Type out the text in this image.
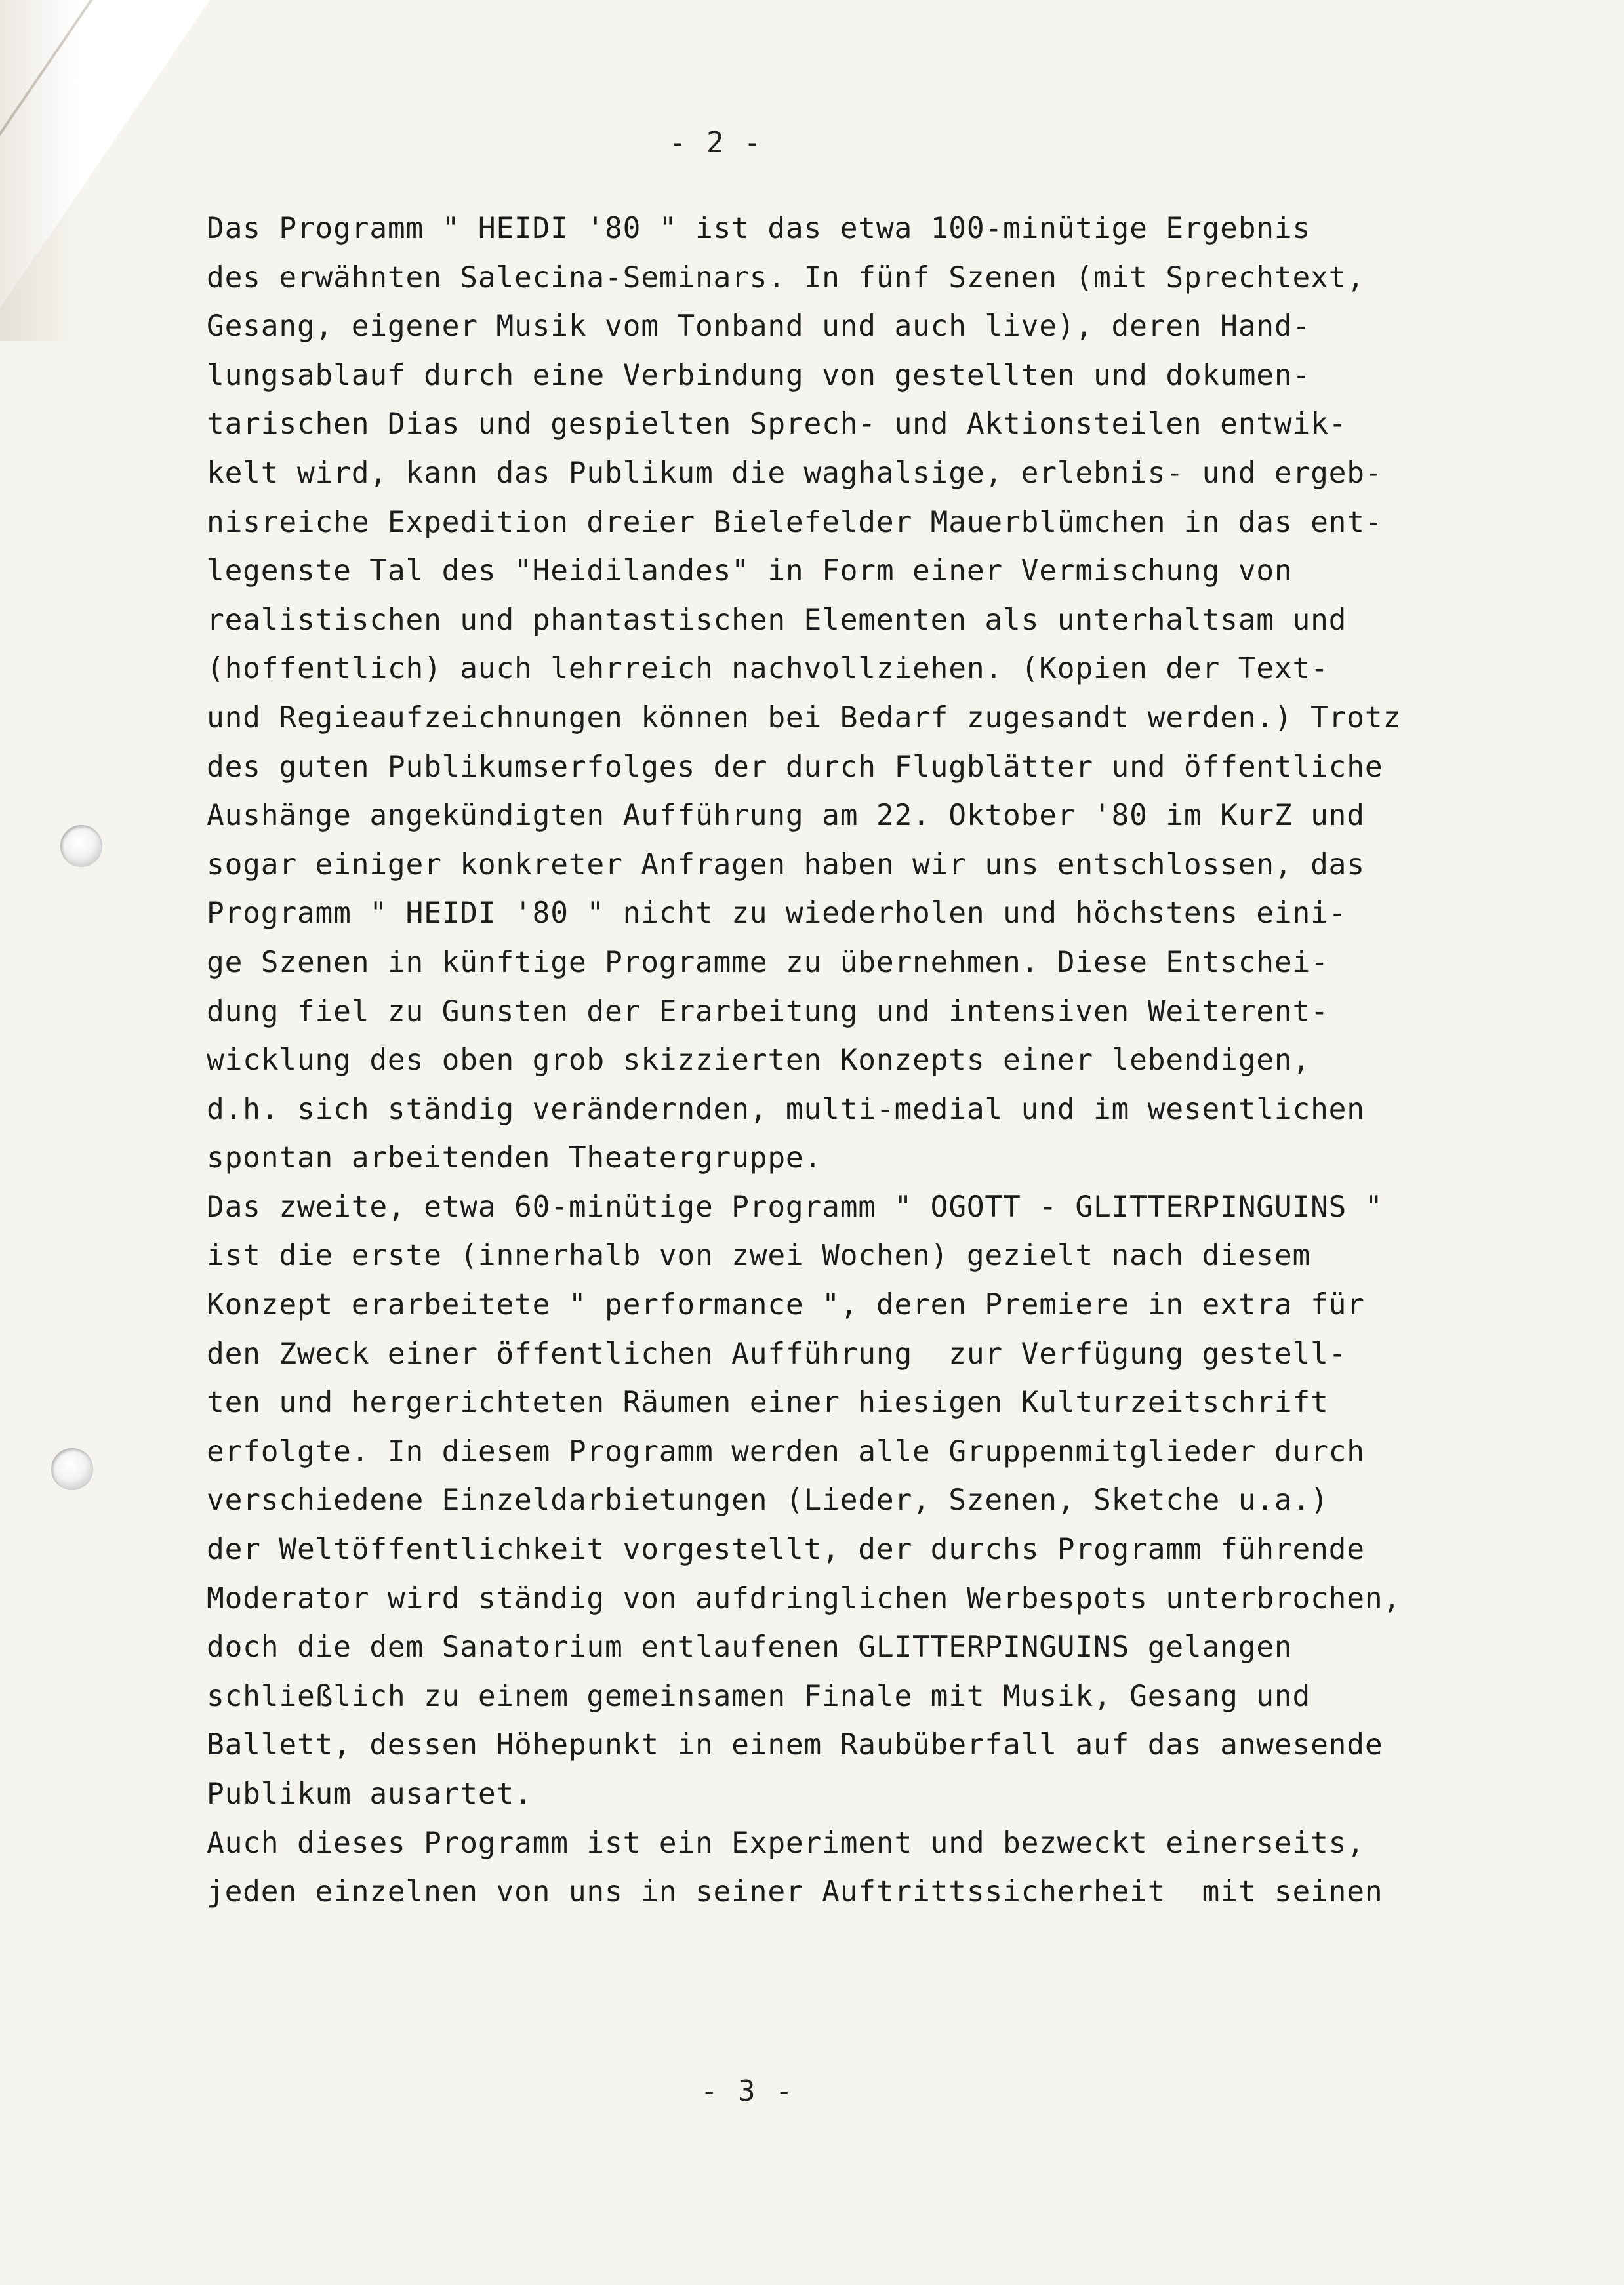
- 2 -
Das Programm " HEIDI '80 " ist das etwa 100-minütige Ergebnis
des erwähnten Salecina-Seminars. In fünf Szenen (mit Sprechtext,
Gesang, eigener Musik vom Tonband und auch live), deren Hand-
lungsablauf durch eine Verbindung von gestellten und dokumen-
tarischen Dias und gespielten Sprech- und Aktionsteilen entwik-
kelt wird, kann das Publikum die waghalsige, erlebnis- und ergeb-
nisreiche Expedition dreier Bielefelder Mauerblümchen in das ent-
legenste Tal des "Heidilandes" in Form einer Vermischung von
realistischen und phantastischen Elementen als unterhaltsam und
(hoffentlich) auch lehrreich nachvollziehen. (Kopien der Text-
und Regieaufzeichnungen können bei Bedarf zugesandt werden.) Trotz
des guten Publikumserfolges der durch Flugblätter und öffentliche
Aushänge angekündigten Aufführung am 22. Oktober '80 im KurZ und
sogar einiger konkreter Anfragen haben wir uns entschlossen, das
Programm " HEIDI '80 " nicht zu wiederholen und höchstens eini-
ge Szenen in künftige Programme zu übernehmen. Diese Entschei-
dung fiel zu Gunsten der Erarbeitung und intensiven Weiterent-
wicklung des oben grob skizzierten Konzepts einer lebendigen,
d.h. sich ständig verändernden, multi-medial und im wesentlichen
spontan arbeitenden Theatergruppe.
Das zweite, etwa 60-minütige Programm " OGOTT - GLITTERPINGUINS "
ist die erste (innerhalb von zwei Wochen) gezielt nach diesem
Konzept erarbeitete " performance ", deren Premiere in extra für
den Zweck einer öffentlichen Aufführung  zur Verfügung gestell-
ten und hergerichteten Räumen einer hiesigen Kulturzeitschrift
erfolgte. In diesem Programm werden alle Gruppenmitglieder durch
verschiedene Einzeldarbietungen (Lieder, Szenen, Sketche u.a.)
der Weltöffentlichkeit vorgestellt, der durchs Programm führende
Moderator wird ständig von aufdringlichen Werbespots unterbrochen,
doch die dem Sanatorium entlaufenen GLITTERPINGUINS gelangen
schließlich zu einem gemeinsamen Finale mit Musik, Gesang und
Ballett, dessen Höhepunkt in einem Raubüberfall auf das anwesende
Publikum ausartet.
Auch dieses Programm ist ein Experiment und bezweckt einerseits,
jeden einzelnen von uns in seiner Auftrittssicherheit  mit seinen
- 3 -
